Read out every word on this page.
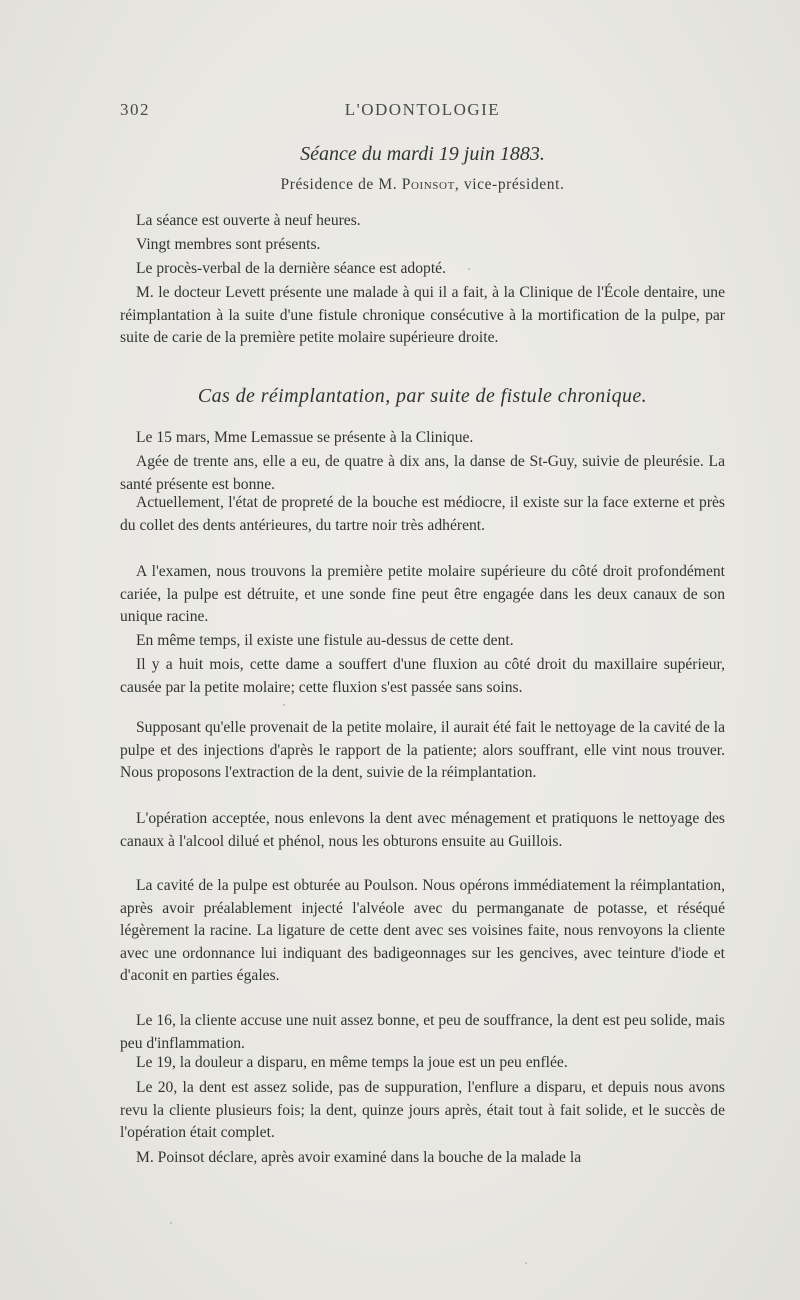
302	L'ODONTOLOGIE
Séance du mardi 19 juin 1883.
Présidence de M. Poinsot, vice-président.

La séance est ouverte à neuf heures.

Vingt membres sont présents.

Le procès-verbal de la dernière séance est adopté.

M. le docteur Levett présente une malade à qui il a fait, à la Clinique de l'École dentaire, une réimplantation à la suite d'une fistule chronique consécutive à la mortification de la pulpe, par suite de carie de la première petite molaire supérieure droite.

Cas de réimplantation, par suite de fistule chronique.

Le 15 mars, Mme Lemassue se présente à la Clinique.

Agée de trente ans, elle a eu, de quatre à dix ans, la danse de St-Guy, suivie de pleurésie. La santé présente est bonne.

Actuellement, l'état de propreté de la bouche est médiocre, il existe sur la face externe et près du collet des dents antérieures, du tartre noir très adhérent.

A l'examen, nous trouvons la première petite molaire supérieure du côté droit profondément cariée, la pulpe est détruite, et une sonde fine peut être engagée dans les deux canaux de son unique racine.

En même temps, il existe une fistule au-dessus de cette dent.

Il y a huit mois, cette dame a souffert d'une fluxion au côté droit du maxillaire supérieur, causée par la petite molaire; cette fluxion s'est passée sans soins.

Supposant qu'elle provenait de la petite molaire, il aurait été fait le nettoyage de la cavité de la pulpe et des injections d'après le rapport de la patiente; alors souffrant, elle vint nous trouver. Nous proposons l'extraction de la dent, suivie de la réimplantation.

L'opération acceptée, nous enlevons la dent avec ménagement et pratiquons le nettoyage des canaux à l'alcool dilué et phénol, nous les obturons ensuite au Guillois.

La cavité de la pulpe est obturée au Poulson. Nous opérons immédiatement la réimplantation, après avoir préalablement injecté l'alvéole avec du permanganate de potasse, et réséqué légèrement la racine. La ligature de cette dent avec ses voisines faite, nous renvoyons la cliente avec une ordonnance lui indiquant des badigeonnages sur les gencives, avec teinture d'iode et d'aconit en parties égales.

Le 16, la cliente accuse une nuit assez bonne, et peu de souffrance, la dent est peu solide, mais peu d'inflammation.

Le 19, la douleur a disparu, en même temps la joue est un peu enflée.

Le 20, la dent est assez solide, pas de suppuration, l'enflure a disparu, et depuis nous avons revu la cliente plusieurs fois; la dent, quinze jours après, était tout à fait solide, et le succès de l'opération était complet.

M. Poinsot déclare, après avoir examiné dans la bouche de la malade la
